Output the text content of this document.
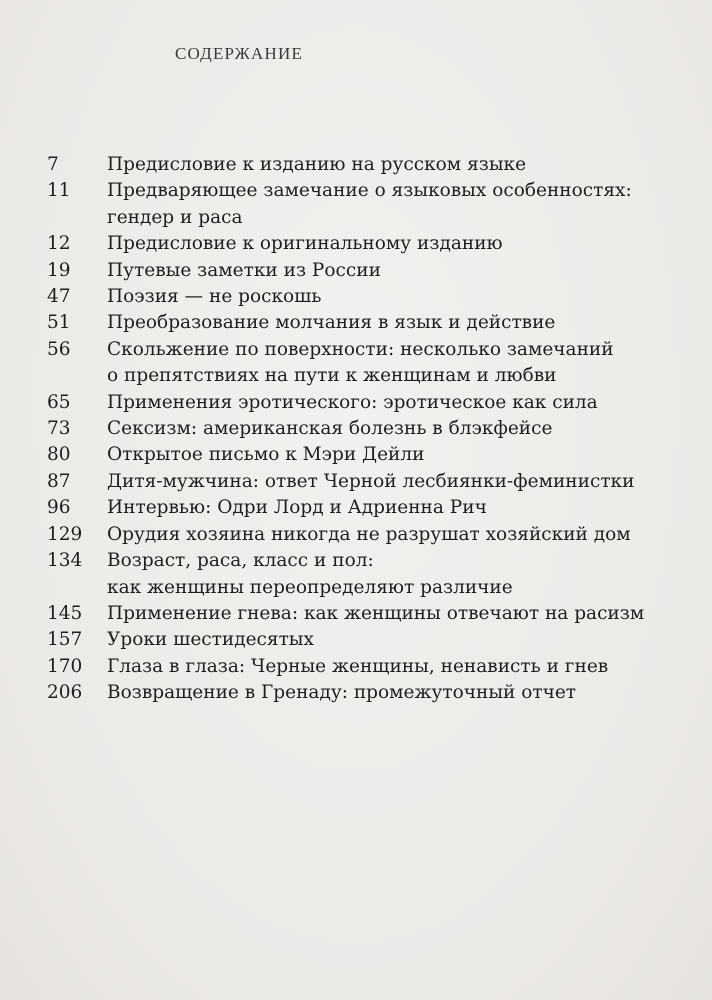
СОДЕРЖАНИЕ
7	Предисловие к изданию на русском языке
11	Предваряющее замечание о языковых особенностях:
гендер и раса
12	Предисловие к оригинальному изданию
19	Путевые заметки из России
47	Поэзия — не роскошь
51	Преобразование молчания в язык и действие
56	Скольжение по поверхности: несколько замечаний
о препятствиях на пути к женщинам и любви
65	Применения эротического: эротическое как сила
73	Сексизм: американская болезнь в блэкфейсе
80	Открытое письмо к Мэри Дейли
87	Дитя-мужчина: ответ Черной лесбиянки-феминистки
96	Интервью: Одри Лорд и Адриенна Рич
129	Орудия хозяина никогда не разрушат хозяйский дом
134	Возраст, раса, класс и пол:
как женщины переопределяют различие
145	Применение гнева: как женщины отвечают на расизм
157	Уроки шестидесятых
170	Глаза в глаза: Черные женщины, ненависть и гнев
206	Возвращение в Гренаду: промежуточный отчет
